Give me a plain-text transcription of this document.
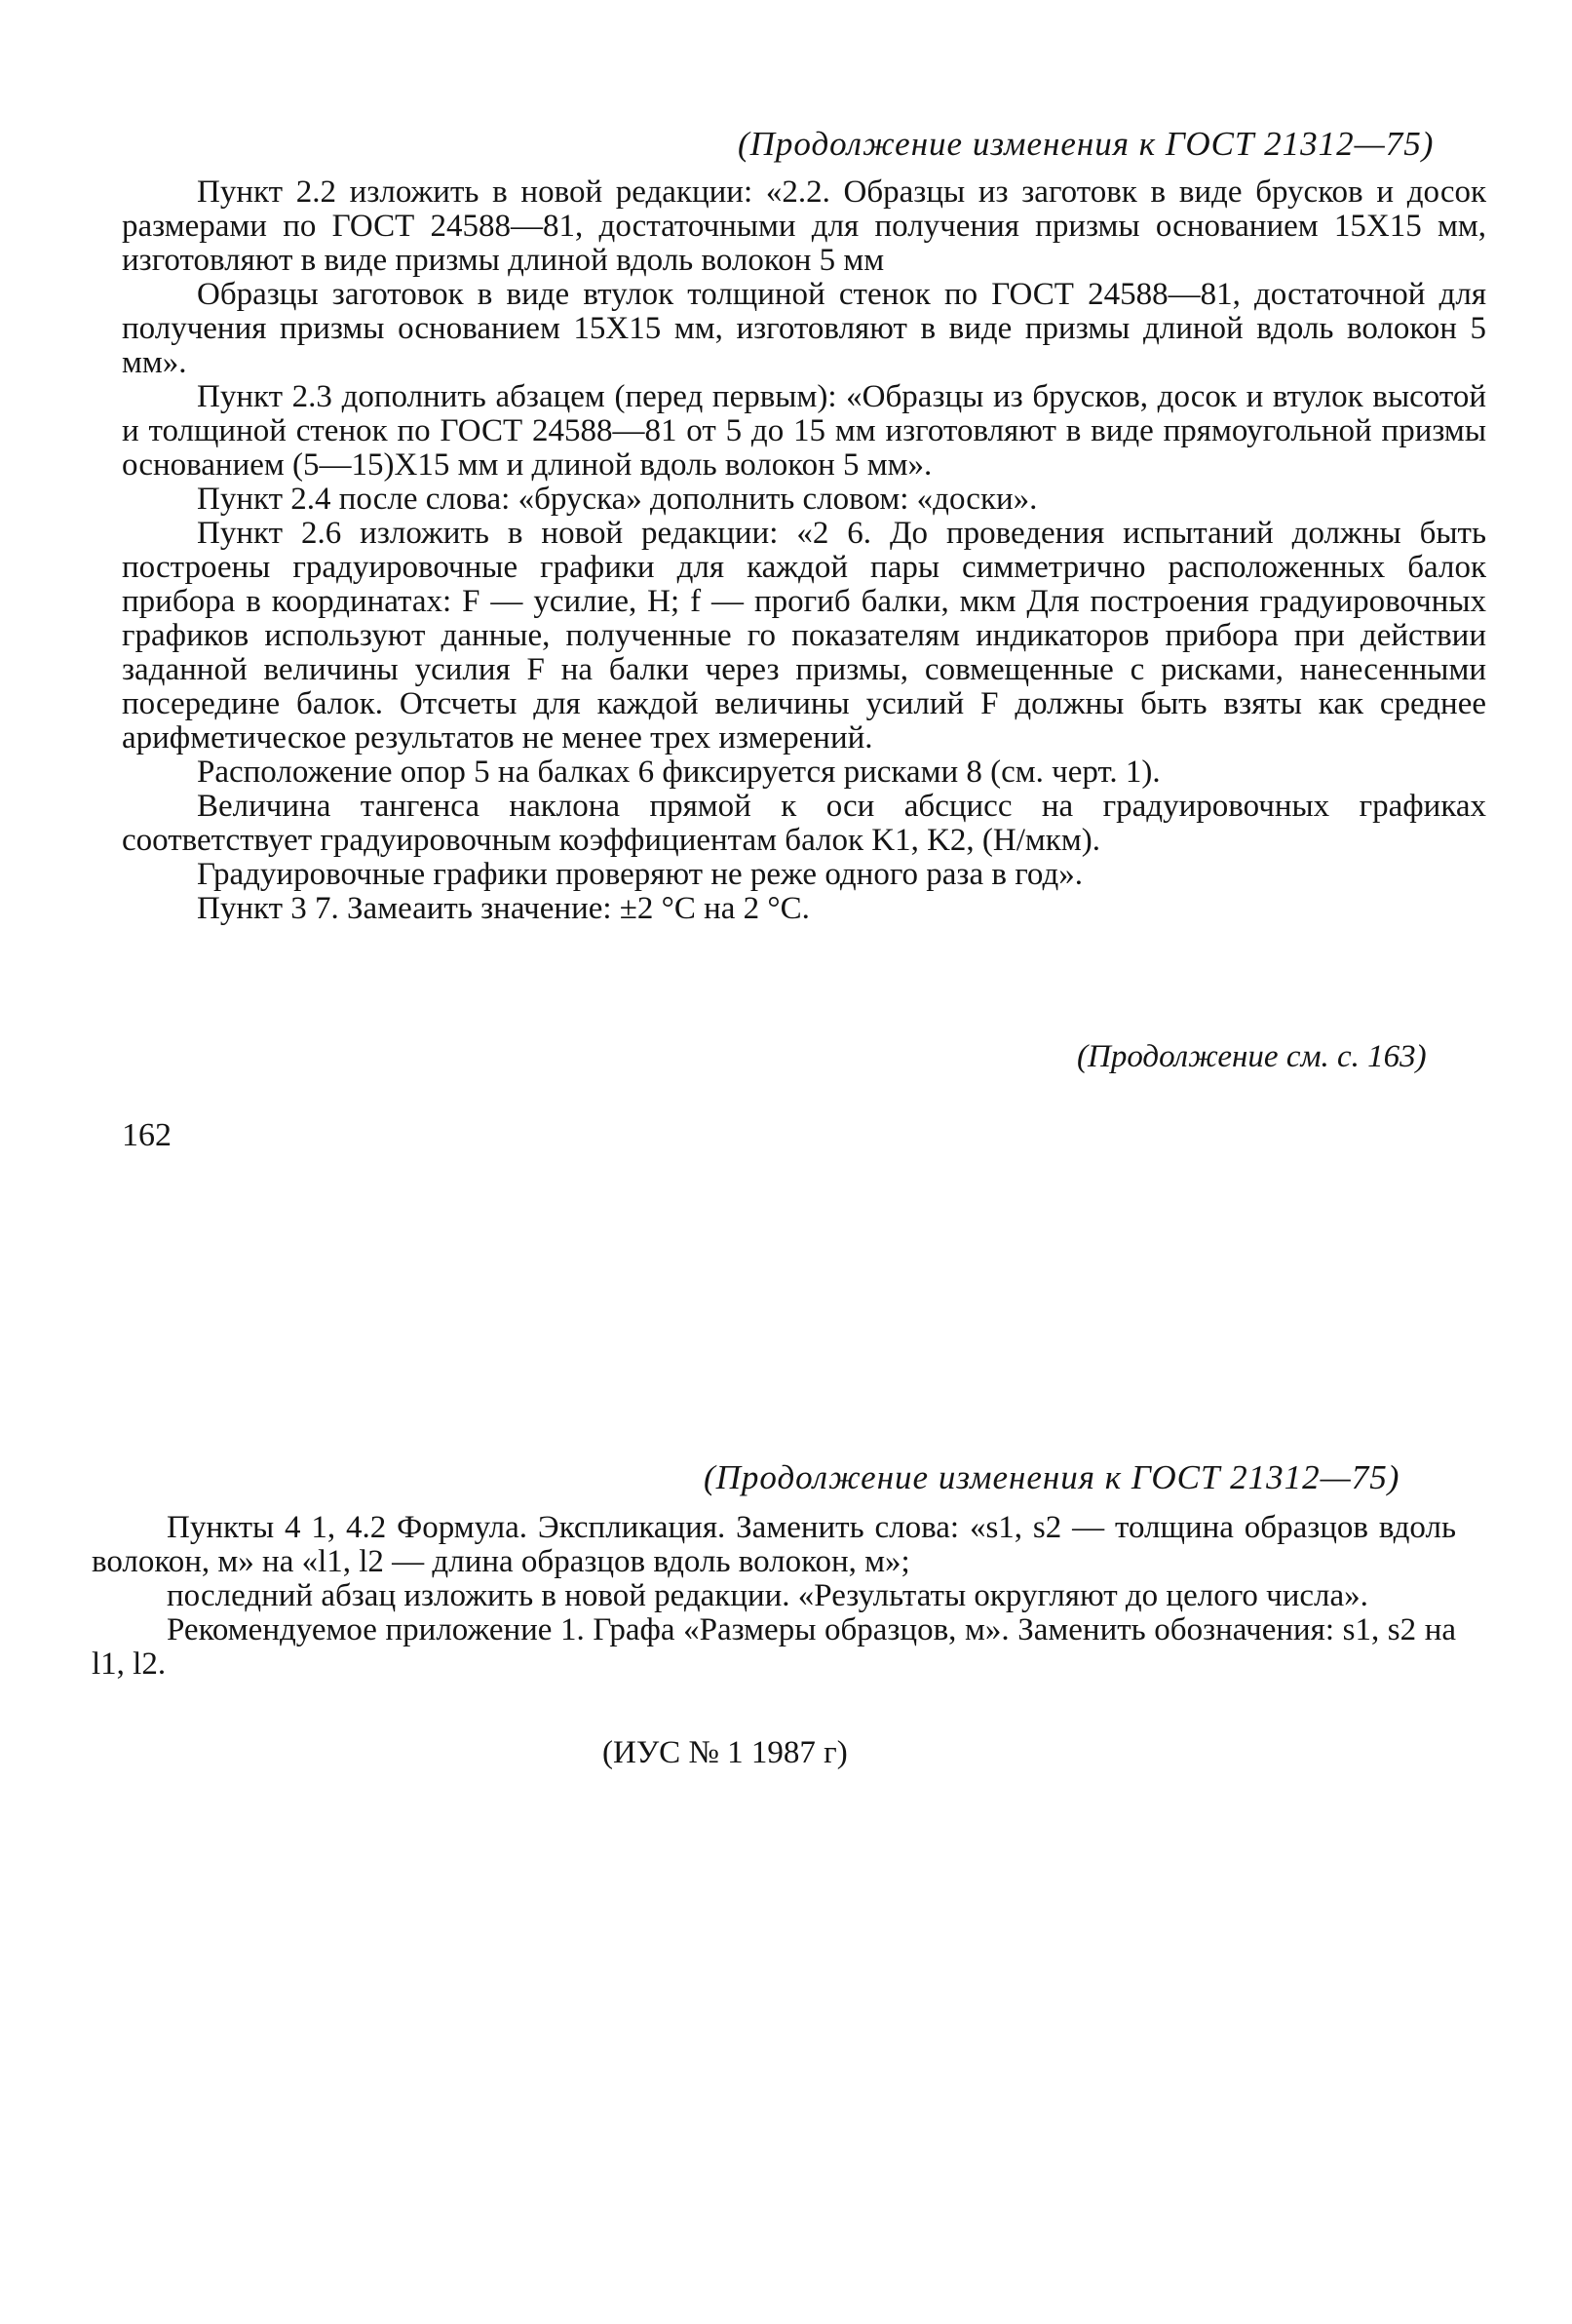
(Продолжение изменения к ГОСТ 21312—75)

Пункт 2.2 изложить в новой редакции: «2.2. Образцы из заготовк в виде брусков и досок размерами по ГОСТ 24588—81, достаточными для получения призмы основанием 15Х15 мм, изготовляют в виде призмы длиной вдоль волокон 5 мм

Образцы заготовок в виде втулок толщиной стенок по ГОСТ 24588—81, достаточной для получения призмы основанием 15Х15 мм, изготовляют в виде призмы длиной вдоль волокон 5 мм».

Пункт 2.3 дополнить абзацем (перед первым): «Образцы из брусков, досок и втулок высотой и толщиной стенок по ГОСТ 24588—81 от 5 до 15 мм изготовляют в виде прямоугольной призмы основанием (5—15)Х15 мм и длиной вдоль волокон 5 мм».

Пункт 2.4 после слова: «бруска» дополнить словом: «доски».

Пункт 2.6 изложить в новой редакции: «2 6. До проведения испытаний должны быть построены градуировочные графики для каждой пары симметрично расположенных балок прибора в координатах: F — усилие, Н; f — прогиб балки, мкм Для построения градуировочных графиков используют данные, полученные го показателям индикаторов прибора при действии заданной величины усилия F на балки через призмы, совмещенные с рисками, нанесенными посередине балок. Отсчеты для каждой величины усилий F должны быть взяты как среднее арифметическое результатов не менее трех измерений.

Расположение опор 5 на балках 6 фиксируется рисками 8 (см. черт. 1).

Величина тангенса наклона прямой к оси абсцисс на градуировочных графиках соответствует градуировочным коэффициентам балок K1, K2, (Н/мкм).

Градуировочные графики проверяют не реже одного раза в год».

Пункт 3 7. Замеаить значение: ±2 °С на 2 °С.

(Продолжение см. с. 163)
162
(Продолжение изменения к ГОСТ 21312—75)

Пункты 4 1, 4.2 Формула. Экспликация. Заменить слова: «s1, s2 — толщина образцов вдоль волокон, м» на «l1, l2 — длина образцов вдоль волокон, м»;

последний абзац изложить в новой редакции. «Результаты округляют до целого числа».

Рекомендуемое приложение 1. Графа «Размеры образцов, м». Заменить обозначения: s1, s2 на l1, l2.

(ИУС № 1 1987 г)
